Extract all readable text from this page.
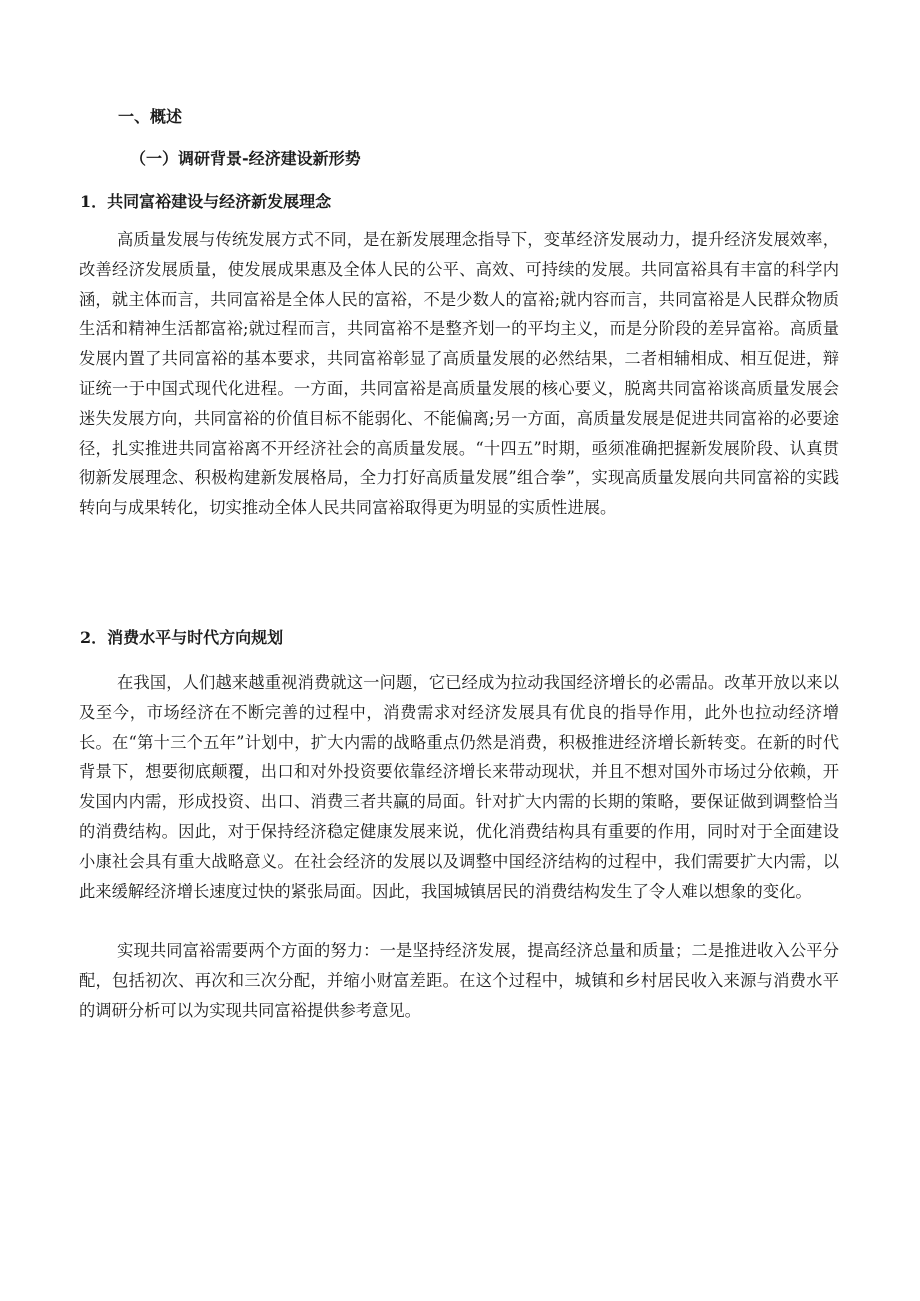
一、概述
（一）调研背景-经济建设新形势
1．共同富裕建设与经济新发展理念

高质量发展与传统发展方式不同，是在新发展理念指导下，变革经济发展动力，提升经济发展效率，改善经济发展质量，使发展成果惠及全体人民的公平、高效、可持续的发展。共同富裕具有丰富的科学内涵，就主体而言，共同富裕是全体人民的富裕，不是少数人的富裕;就内容而言，共同富裕是人民群众物质生活和精神生活都富裕;就过程而言，共同富裕不是整齐划一的平均主义，而是分阶段的差异富裕。高质量发展内置了共同富裕的基本要求，共同富裕彰显了高质量发展的必然结果，二者相辅相成、相互促进，辩证统一于中国式现代化进程。一方面，共同富裕是高质量发展的核心要义，脱离共同富裕谈高质量发展会迷失发展方向，共同富裕的价值目标不能弱化、不能偏离;另一方面，高质量发展是促进共同富裕的必要途径，扎实推进共同富裕离不开经济社会的高质量发展。“十四五”时期，亟须准确把握新发展阶段、认真贯彻新发展理念、积极构建新发展格局，全力打好高质量发展”组合拳”，实现高质量发展向共同富裕的实践转向与成果转化，切实推动全体人民共同富裕取得更为明显的实质性进展。

2．消费水平与时代方向规划

在我国，人们越来越重视消费就这一问题，它已经成为拉动我国经济增长的必需品。改革开放以来以及至今，市场经济在不断完善的过程中，消费需求对经济发展具有优良的指导作用，此外也拉动经济增长。在“第十三个五年”计划中，扩大内需的战略重点仍然是消费，积极推进经济增长新转变。在新的时代背景下，想要彻底颠覆，出口和对外投资要依靠经济增长来带动现状，并且不想对国外市场过分依赖，开发国内内需，形成投资、出口、消费三者共赢的局面。针对扩大内需的长期的策略，要保证做到调整恰当的消费结构。因此，对于保持经济稳定健康发展来说，优化消费结构具有重要的作用，同时对于全面建设小康社会具有重大战略意义。在社会经济的发展以及调整中国经济结构的过程中，我们需要扩大内需，以此来缓解经济增长速度过快的紧张局面。因此，我国城镇居民的消费结构发生了令人难以想象的变化。

实现共同富裕需要两个方面的努力：一是坚持经济发展，提高经济总量和质量；二是推进收入公平分配，包括初次、再次和三次分配，并缩小财富差距。在这个过程中，城镇和乡村居民收入来源与消费水平的调研分析可以为实现共同富裕提供参考意见。
